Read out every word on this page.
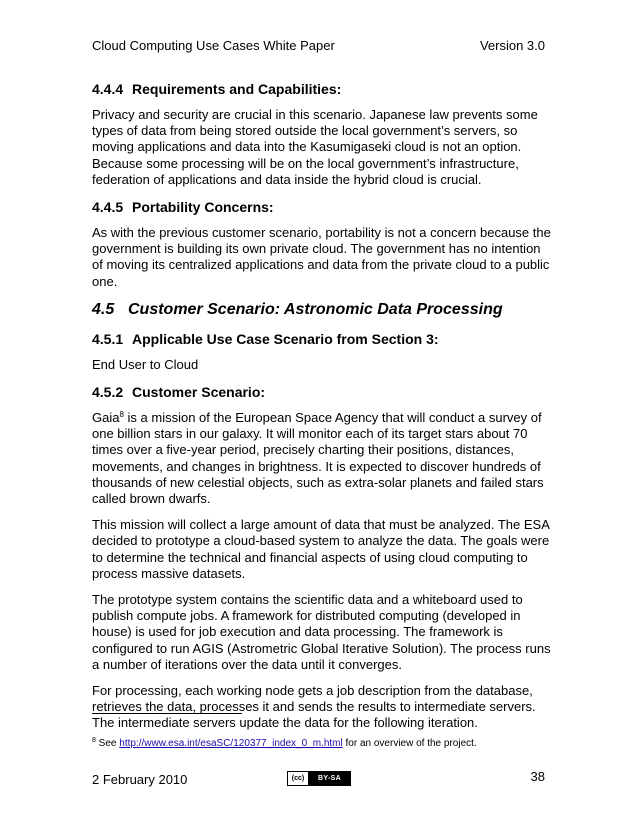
Cloud Computing Use Cases White Paper	Version 3.0
4.4.4 Requirements and Capabilities:

Privacy and security are crucial in this scenario. Japanese law prevents some types of data from being stored outside the local government’s servers, so moving applications and data into the Kasumigaseki cloud is not an option. Because some processing will be on the local government’s infrastructure, federation of applications and data inside the hybrid cloud is crucial.

4.4.5 Portability Concerns:

As with the previous customer scenario, portability is not a concern because the government is building its own private cloud. The government has no intention of moving its centralized applications and data from the private cloud to a public one.

4.5 Customer Scenario: Astronomic Data Processing
4.5.1 Applicable Use Case Scenario from Section 3:

End User to Cloud

4.5.2 Customer Scenario:

Gaia$^8$ is a mission of the European Space Agency that will conduct a survey of one billion stars in our galaxy. It will monitor each of its target stars about 70 times over a five-year period, precisely charting their positions, distances, movements, and changes in brightness. It is expected to discover hundreds of thousands of new celestial objects, such as extra-solar planets and failed stars called brown dwarfs.

This mission will collect a large amount of data that must be analyzed. The ESA decided to prototype a cloud-based system to analyze the data. The goals were to determine the technical and financial aspects of using cloud computing to process massive datasets.

The prototype system contains the scientific data and a whiteboard used to publish compute jobs. A framework for distributed computing (developed in house) is used for job execution and data processing. The framework is configured to run AGIS (Astrometric Global Iterative Solution). The process runs a number of iterations over the data until it converges.

For processing, each working node gets a job description from the database, retrieves the data, processes it and sends the results to intermediate servers. The intermediate servers update the data for the following iteration.

$^8$ See http://www.esa.int/esaSC/120377_index_0_m.html for an overview of the project.
2 February 2010	(cc)	BY-SA	38
